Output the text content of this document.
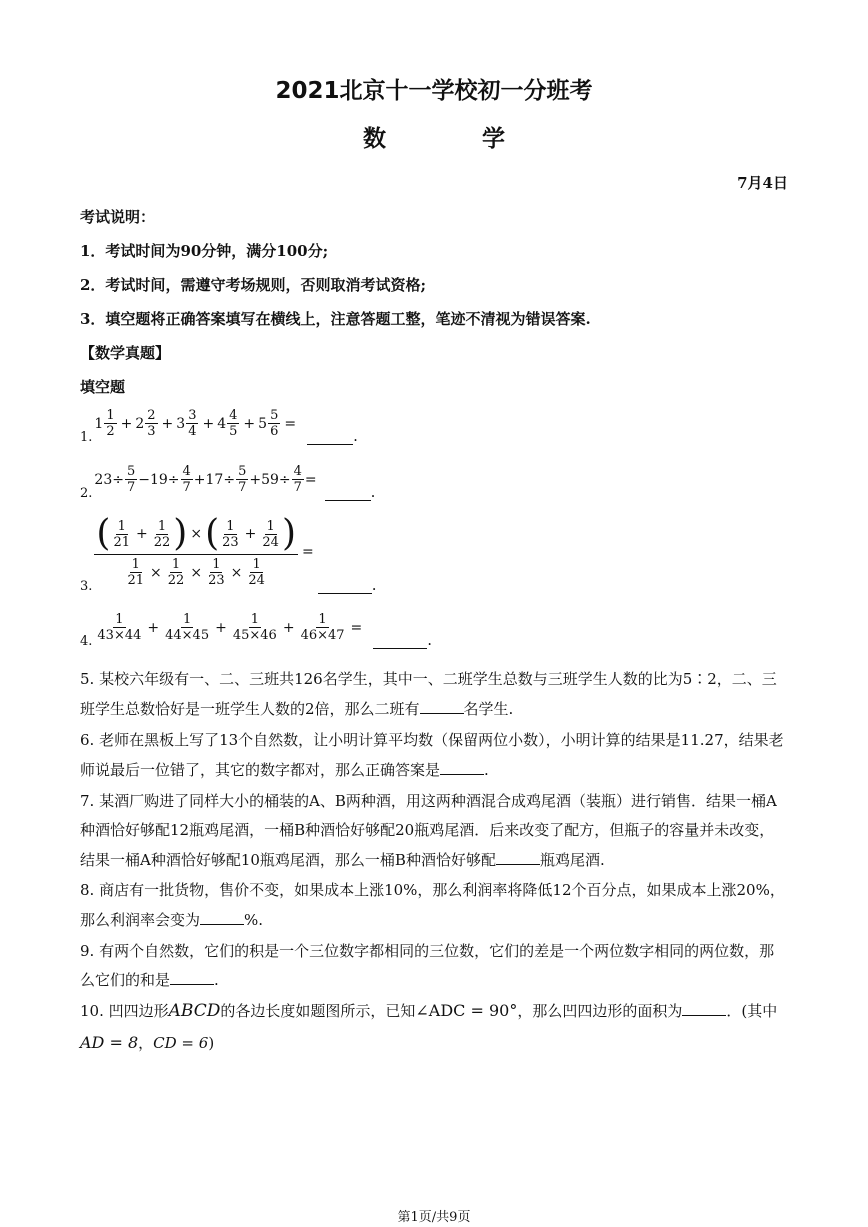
2021北京十一学校初一分班考
数 学
7月4日
考试说明：
1．考试时间为90分钟，满分100分;
2．考试时间，需遵守考场规则，否则取消考试资格;
3．填空题将正确答案填写在横线上，注意答题工整，笔迹不清视为错误答案.
【数学真题】
填空题
1.
$1 \frac{1}{2} + 2 \frac{2}{3} + 3 \frac{3}{4} + 4 \frac{4}{5} + 5 \frac{5}{6}$ =
.
2.
$23\div \frac{5}{7} -19\div \frac{4}{7} +17\div \frac{5}{7} +59\div \frac{4}{7}$ =
.
3.
( $\frac{1}{21} + \frac{1}{22}$ ) × ( $\frac{1}{23} + \frac{1}{24}$ )
$\frac{1}{21} \times \frac{1}{22} \times \frac{1}{23} \times \frac{1}{24}$
=
.
4. $\frac{1}{43\times 44} + \frac{1}{44\times 45} + \frac{1}{45\times 46} + \frac{1}{46\times 47}$ =
.
5. 某校六年级有一、二、三班共126名学生，其中一、二班学生总数与三班学生人数的比为5∶2，二、三
班学生总数恰好是一班学生人数的2倍，那么二班有	名学生.
6. 老师在黑板上写了13个自然数，让小明计算平均数（保留两位小数），小明计算的结果是11.27，结果老
师说最后一位错了，其它的数字都对，那么正确答案是	.
7. 某酒厂购进了同样大小的桶装的A、B两种酒，用这两种酒混合成鸡尾酒（装瓶）进行销售．结果一桶A
种酒恰好够配12瓶鸡尾酒，一桶B种酒恰好够配20瓶鸡尾酒．后来改变了配方，但瓶子的容量并未改变，
结果一桶A种酒恰好够配10瓶鸡尾酒，那么一桶B种酒恰好够配	瓶鸡尾酒.
8. 商店有一批货物，售价不变，如果成本上涨10%，那么利润率将降低12个百分点，如果成本上涨20%，
那么利润率会变为	%.
9. 有两个自然数，它们的积是一个三位数字都相同的三位数，它们的差是一个两位数字相同的两位数，那
么它们的和是	.
10. 凹四边形ABCD的各边长度如题图所示，已知∠ADC = 90°，那么凹四边形的面积为	．(其中
AD = 8，CD = 6)
第1页/共9页
